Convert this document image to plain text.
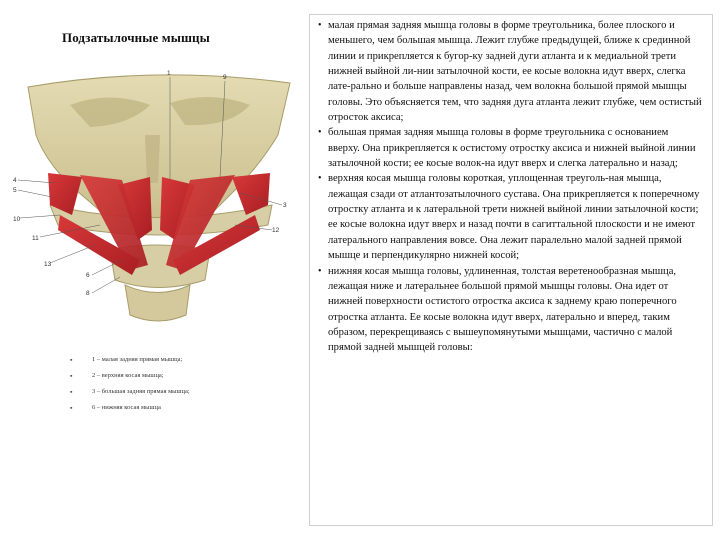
Подзатылочные мышцы
1
9
4
5
10
11
3
12
13
6
8
▪	1 – малая задняя прямая мышца;
▪	2 – верхняя косая мышца;
▪	3 – большая задняя прямая мышца;
▪	6 – нижняя косая мышца

• малая прямая задняя мышца головы в форме треугольника, более плоского и меньшего, чем большая мышца. Лежит глубже предыдущей, ближе к срединной линии и прикрепляется к бугор-ку задней дуги атланта и к медиальной трети нижней выйной ли-нии затылочной кости, ее косые волокна идут вверх, слегка лате-рально и больше направлены назад, чем волокна большой прямой мышцы головы. Это объясняется тем, что задняя дуга атланта лежит глубже, чем остистый отросток аксиса;

• большая прямая задняя мышца головы в форме треугольника с основанием вверху. Она прикрепляется к остистому отростку аксиса и нижней выйной линии затылочной кости; ее косые волок-на идут вверх и слегка латерально и назад;

• верхняя косая мышца головы короткая, уплощенная треуголь-ная мышца, лежащая сзади от атлантозатылочного сустава. Она прикрепляется к поперечному отростку атланта и к латеральной трети нижней выйной линии затылочной кости; ее косые волокна идут вверх и назад почти в сагиттальной плоскости и не имеют латерального направления вовсе. Она лежит паралельно малой задней прямой мышце и перпендикулярно нижней косой;

• нижняя косая мышца головы, удлиненная, толстая веретенообразная мышца, лежащая ниже и латеральнее большой прямой мышцы головы. Она идет от нижней поверхности остистого отростка аксиса к заднему краю поперечного отростка атланта. Ее косые волокна идут вверх, латерально и вперед, таким образом, перекрещиваясь с вышеупомянутыми мышцами, частично с малой прямой задней мышцей головы:
